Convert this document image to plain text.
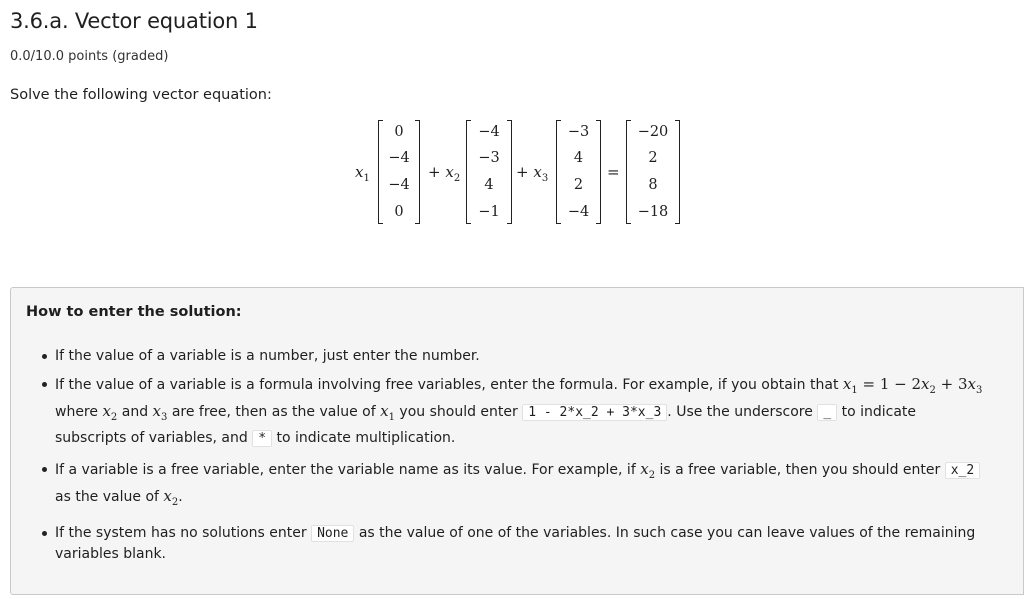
3.6.a. Vector equation 1
0.0/10.0 points (graded)
Solve the following vector equation:
$x_1$
0
−4
−4
0
+ $x_2$
−4
−3
4
−1
+ $x_3$
−3
4
2
−4
=
−20
2
8
−18
How to enter the solution:
If the value of a variable is a number, just enter the number.
If the value of a variable is a formula involving free variables, enter the formula. For example, if you obtain that $x_1 = 1 - 2x_2 + 3x_3$ where $x_2$ and $x_3$ are free, then as the value of $x_1$ you should enter 1 - 2*x_2 + 3*x_3 . Use the underscore _ to indicate subscripts of variables, and * to indicate multiplication.
If a variable is a free variable, enter the variable name as its value. For example, if $x_2$ is a free variable, then you should enter x_2 as the value of $x_2$.
If the system has no solutions enter None as the value of one of the variables. In such case you can leave values of the remaining variables blank.
